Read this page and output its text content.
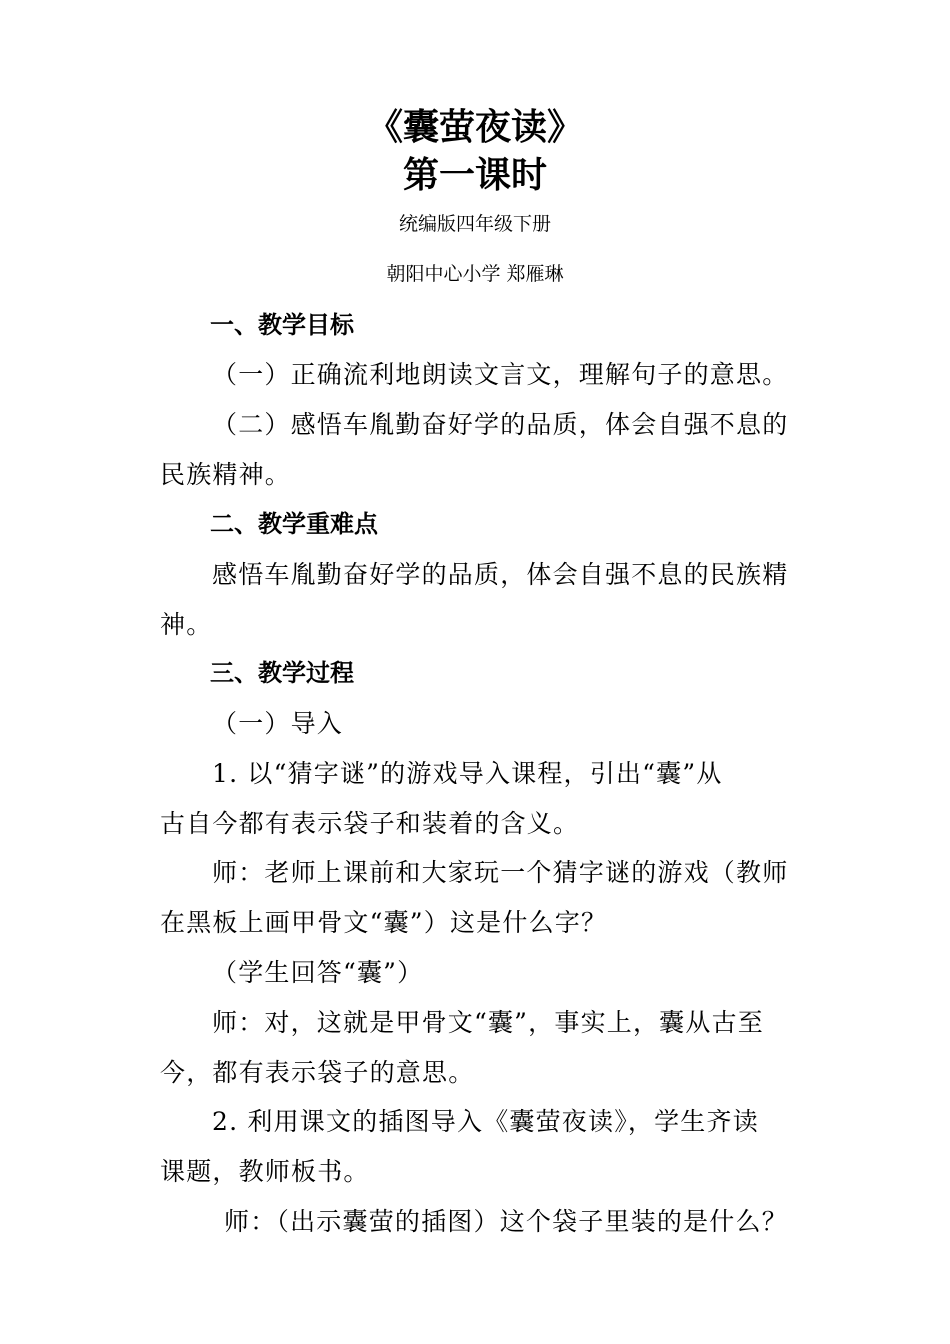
《囊萤夜读》
第一课时
统编版四年级下册
朝阳中心小学 郑雁琳
一、教学目标
（一）正确流利地朗读文言文，理解句子的意思。
（二）感悟车胤勤奋好学的品质，体会自强不息的
民族精神。
二、教学重难点
感悟车胤勤奋好学的品质，体会自强不息的民族精
神。
三、教学过程
（一）导入
1. 以“猜字谜”的游戏导入课程，引出“囊”从
古自今都有表示袋子和装着的含义。
师：老师上课前和大家玩一个猜字谜的游戏（教师
在黑板上画甲骨文“囊”）这是什么字？
（学生回答“囊”）
师：对，这就是甲骨文“囊”，事实上，囊从古至
今，都有表示袋子的意思。
2. 利用课文的插图导入《囊萤夜读》，学生齐读
课题，教师板书。
师：（出示囊萤的插图）这个袋子里装的是什么？
